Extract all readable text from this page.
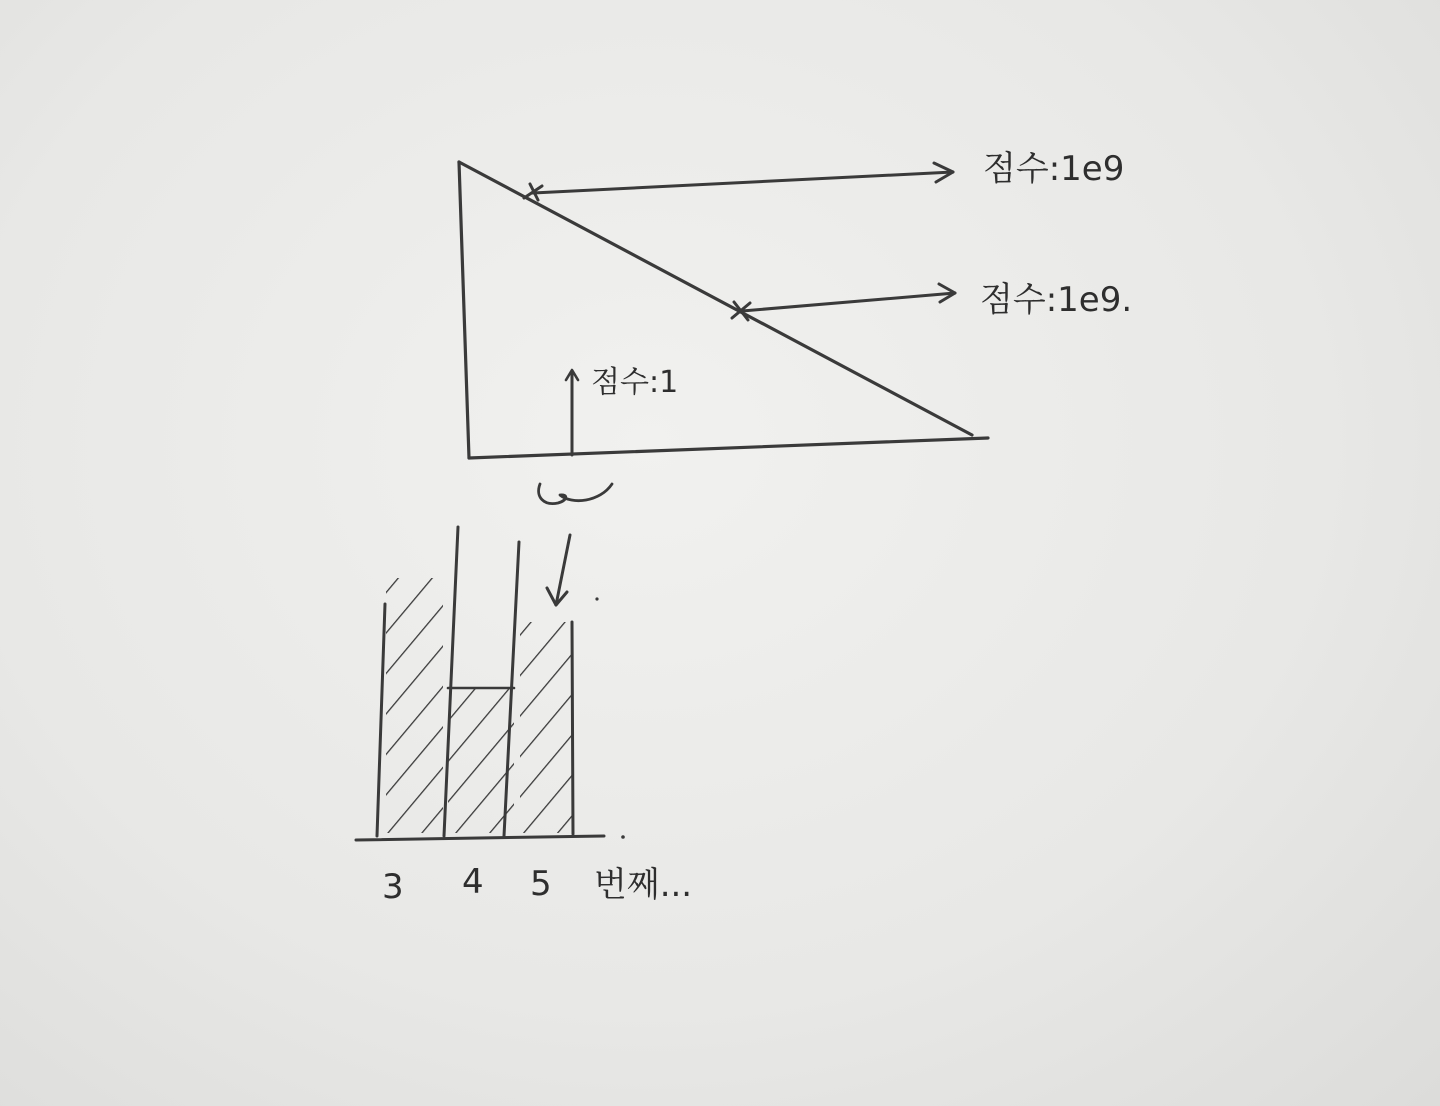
점수:1e9
점수:1e9.
점수:1
3 4 5 번째...
